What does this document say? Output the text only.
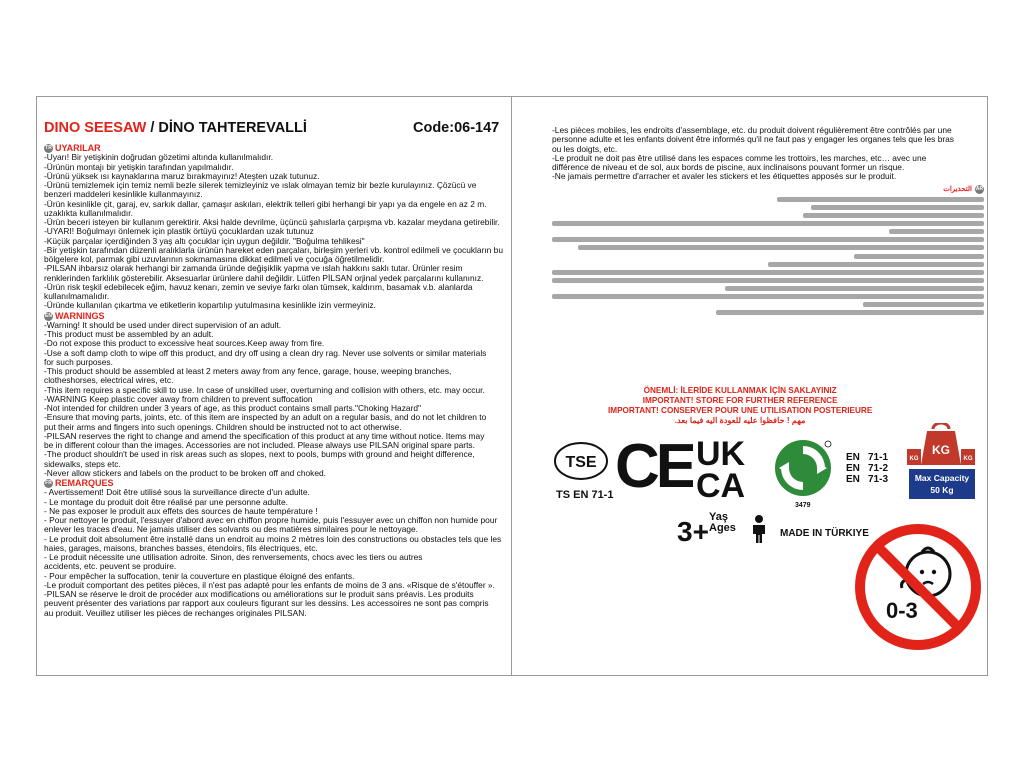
DINO SEESAW / DİNO TAHTEREVALLİ	Code:06-147
TR UYARILAR
-Uyarı! Bir yetişkinin doğrudan gözetimi altında kullanılmalıdır.
-Ürünün montajı bir yetişkin tarafından yapılmalıdır.
-Ürünü yüksek ısı kaynaklarına maruz bırakmayınız! Ateşten uzak tutunuz.
-Ürünü temizlemek için temiz nemli bezle silerek temizleyiniz ve ıslak olmayan temiz bir bezle kurulayınız. Çözücü ve
benzeri maddeleri kesinlikle kullanmayınız.
-Ürün kesinlikle çit, garaj, ev, sarkık dallar, çamaşır askıları, elektrik telleri gibi herhangi bir yapı ya da engele en az 2 m.
uzaklıkta kullanılmalıdır.
-Ürün beceri isteyen bir kullanım gerektirir. Aksi halde devrilme, üçüncü şahıslarla çarpışma vb. kazalar meydana getirebilir.
-UYARI! Boğulmayı önlemek için plastik örtüyü çocuklardan uzak tutunuz
-Küçük parçalar içerdiğinden 3 yaş altı çocuklar için uygun değildir. "Boğulma tehlikesi"
-Bir yetişkin tarafından düzenli aralıklarla ürünün hareket eden parçaları, birleşim yerleri vb. kontrol edilmeli ve çocukların bu
bölgelere kol, parmak gibi uzuvlarının sokmamasına dikkat edilmeli ve çocuğa öğretilmelidir.
-PILSAN ihbarsız olarak herhangi bir zamanda üründe değişiklik yapma ve ıslah hakkını saklı tutar. Ürünler resim
renklerinden farklılık gösterebilir. Aksesuarlar ürünlere dahil değildir. Lütfen PİLSAN orjinal yedek parçalarını kullanınız.
-Ürün risk teşkil edebilecek eğim, havuz kenarı, zemin ve seviye farkı olan tümsek, kaldırım, basamak v.b. alanlarda
kullanılmamalıdır.
-Üründe kullanılan çıkartma ve etiketlerin kopartılıp yutulmasına kesinlikle izin vermeyiniz.
EN WARNINGS
-Warning! It should be used under direct supervision of an adult.
-This product must be assembled by an adult.
-Do not expose this product to excessive heat sources.Keep away from fire.
-Use a soft damp cloth to wipe off this product, and dry off using a clean dry rag. Never use solvents or similar materials
for such purposes.
-This product should be assembled at least 2 meters away from any fence, garage, house, weeping branches,
clotheshorses, electrical wires, etc.
-This item requires a specific skill to use. In case of unskilled user, overturning and collision with others, etc. may occur.
-WARNING Keep plastic cover away from children to prevent suffocation
-Not intended for children under 3 years of age, as this product contains small parts."Choking Hazard"
-Ensure that moving parts, joints, etc. of this item are inspected by an adult on a regular basis, and do not let children to
put their arms and fingers into such openings. Children should be instructed not to act otherwise.
-PILSAN reserves the right to change and amend the specification of this product at any time without notice. Items may
be in different colour than the images. Accessories are not included. Please always use PILSAN original spare parts.
-The product shouldn't be used in risk areas such as slopes, next to pools, bumps with ground and height difference,
sidewalks, steps etc.
-Never allow stickers and labels on the product to be broken off and choked.
FR REMARQUES
- Avertissement! Doit être utilisé sous la surveillance directe d'un adulte.
- Le montage du produit doit être réalisé par une personne adulte.
- Ne pas exposer le produit aux effets des sources de haute température !
- Pour nettoyer le produit, l'essuyer d'abord avec en chiffon propre humide, puis l'essuyer avec un chiffon non humide pour
enlever les traces d'eau. Ne jamais utiliser des solvants ou des matières similaires pour le nettoyage.
- Le produit doit absolument être installé dans un endroit au moins 2 mètres loin des constructions ou obstacles tels que les
haies, garages, maisons, branches basses, étendoirs, fils électriques, etc.
- Le produit nécessite une utilisation adroite. Sinon, des renversements, chocs avec les tiers ou autres
accidents, etc. peuvent se produire.
- Pour empêcher la suffocation, tenir la couverture en plastique éloigné des enfants.
-Le produit comportant des petites pièces, il n'est pas adapté pour les enfants de moins de 3 ans. «Risque de s'étouffer ».
-PILSAN se réserve le droit de procéder aux modifications ou améliorations sur le produit sans préavis. Les produits
peuvent présenter des variations par rapport aux couleurs figurant sur les dessins. Les accessoires ne sont pas compris
au produit. Veuillez utiliser les pièces de rechanges originales PILSAN.
-Les pièces mobiles, les endroits d'assemblage, etc. du produit doivent régulièrement être contrôlés par une
personne adulte et les enfants doivent être informés qu'il ne faut pas y engager les organes tels que les bras
ou les doigts, etc.
-Le produit ne doit pas être utilisé dans les espaces comme les trottoirs, les marches, etc… avec une
différence de niveau et de sol, aux bords de piscine, aux inclinaisons pouvant former un risque.
-Ne jamais permettre d'arracher et avaler les stickers et les étiquettes apposés sur le produit.
التحذيرات AR
ÖNEMLİ: İLERİDE KULLANMAK İÇİN SAKLAYINIZ
IMPORTANT! STORE FOR FURTHER REFERENCE
IMPORTANT! CONSERVER POUR UNE UTILISATION POSTERIEURE
مهم ! حافظوا عليه للعودة اليه فيما بعد.
TSE
TS EN 71-1 CE UK
CA
3479
EN 71-1
EN 71-2
EN 71-3
KG
KG	KG
Max Capacity
50 Kg
3+ Yaş
Ages	MADE IN TÜRKIYE
0-3
